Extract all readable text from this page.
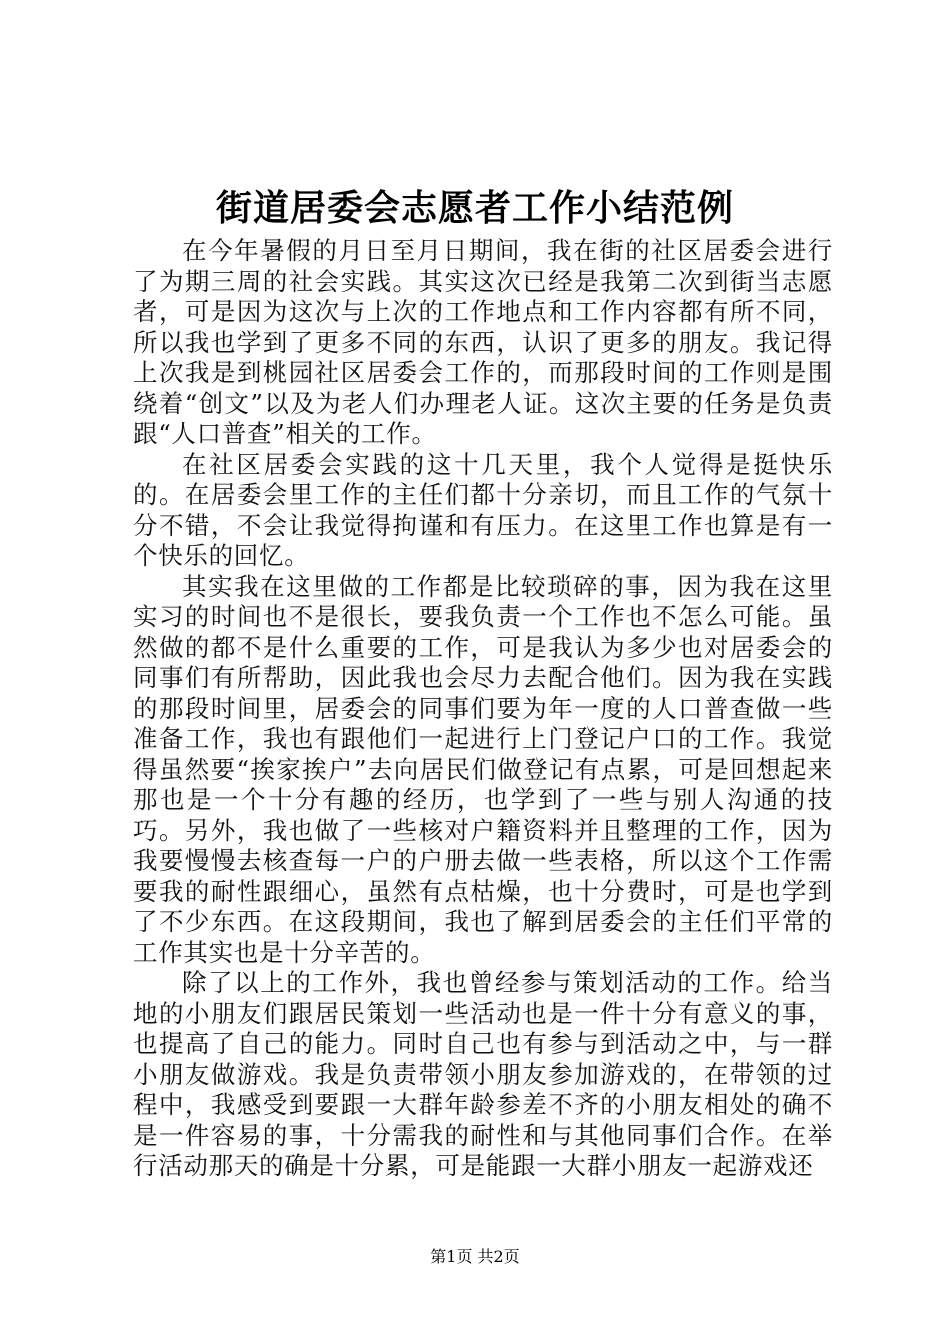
街道居委会志愿者工作小结范例

在今年暑假的月日至月日期间，我在街的社区居委会进行了为期三周的社会实践。其实这次已经是我第二次到街当志愿者，可是因为这次与上次的工作地点和工作内容都有所不同，所以我也学到了更多不同的东西，认识了更多的朋友。我记得上次我是到桃园社区居委会工作的，而那段时间的工作则是围绕着“创文”以及为老人们办理老人证。这次主要的任务是负责跟“人口普查”相关的工作。

在社区居委会实践的这十几天里，我个人觉得是挺快乐的。在居委会里工作的主任们都十分亲切，而且工作的气氛十分不错，不会让我觉得拘谨和有压力。在这里工作也算是有一个快乐的回忆。

其实我在这里做的工作都是比较琐碎的事，因为我在这里实习的时间也不是很长，要我负责一个工作也不怎么可能。虽然做的都不是什么重要的工作，可是我认为多少也对居委会的同事们有所帮助，因此我也会尽力去配合他们。因为我在实践的那段时间里，居委会的同事们要为年一度的人口普查做一些准备工作，我也有跟他们一起进行上门登记户口的工作。我觉得虽然要“挨家挨户”去向居民们做登记有点累，可是回想起来那也是一个十分有趣的经历，也学到了一些与别人沟通的技巧。另外，我也做了一些核对户籍资料并且整理的工作，因为我要慢慢去核查每一户的户册去做一些表格，所以这个工作需要我的耐性跟细心，虽然有点枯燥，也十分费时，可是也学到了不少东西。在这段期间，我也了解到居委会的主任们平常的工作其实也是十分辛苦的。

除了以上的工作外，我也曾经参与策划活动的工作。给当地的小朋友们跟居民策划一些活动也是一件十分有意义的事，也提高了自己的能力。同时自己也有参与到活动之中，与一群小朋友做游戏。我是负责带领小朋友参加游戏的，在带领的过程中，我感受到要跟一大群年龄参差不齐的小朋友相处的确不是一件容易的事，十分需我的耐性和与其他同事们合作。在举行活动那天的确是十分累，可是能跟一大群小朋友一起游戏还

第1页 共2页
